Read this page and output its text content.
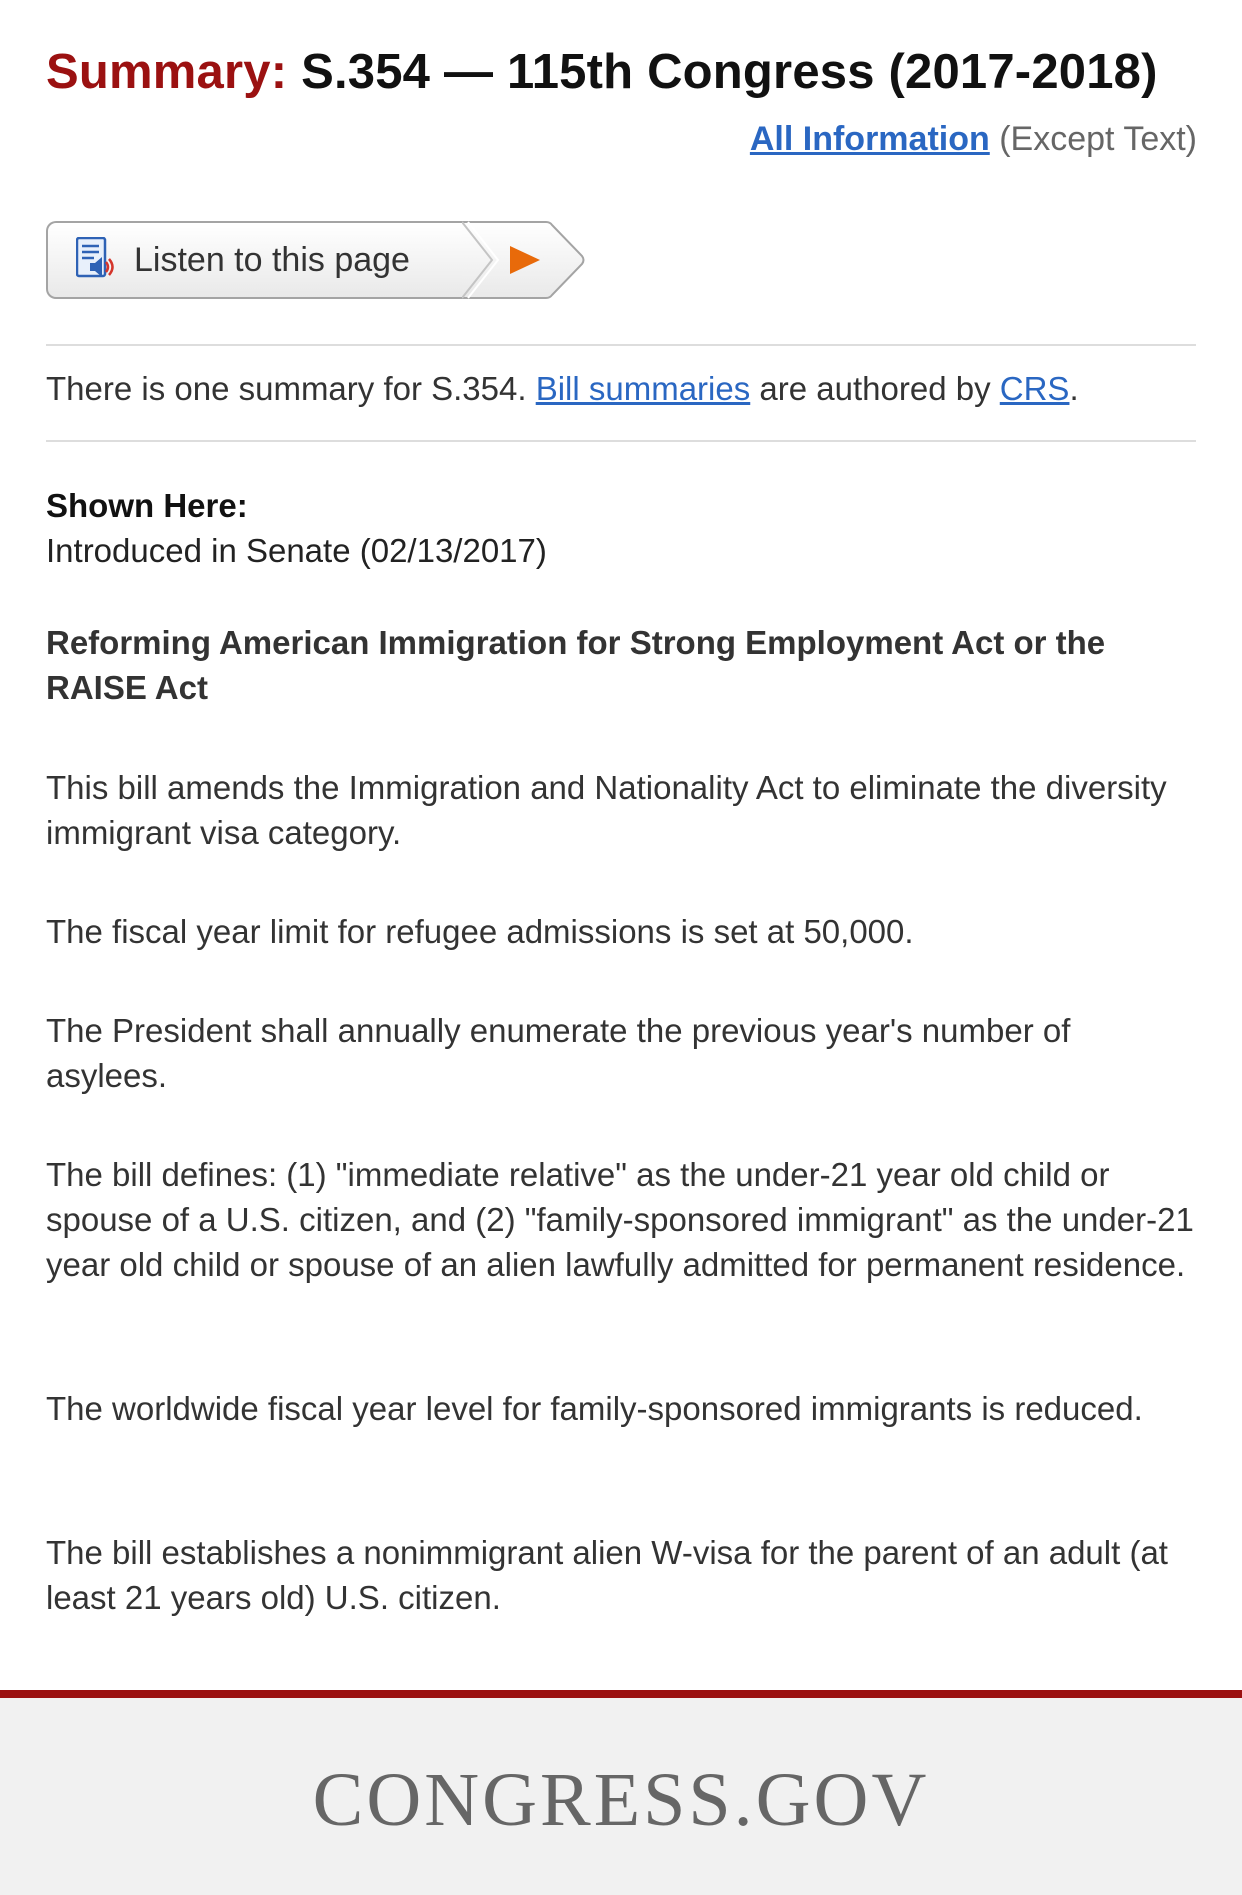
Summary: S.354 — 115th Congress (2017-2018)
All Information (Except Text)
Listen to this page
There is one summary for S.354. Bill summaries are authored by CRS.
Shown Here:
Introduced in Senate (02/13/2017)
Reforming American Immigration for Strong Employment Act or the RAISE Act
This bill amends the Immigration and Nationality Act to eliminate the diversity immigrant visa category.
The fiscal year limit for refugee admissions is set at 50,000.
The President shall annually enumerate the previous year's number of asylees.
The bill defines: (1) "immediate relative" as the under-21 year old child or spouse of a U.S. citizen, and (2) "family-sponsored immigrant" as the under-21 year old child or spouse of an alien lawfully admitted for permanent residence.
The worldwide fiscal year level for family-sponsored immigrants is reduced.
The bill establishes a nonimmigrant alien W-visa for the parent of an adult (at least 21 years old) U.S. citizen.
CONGRESS.GOV
